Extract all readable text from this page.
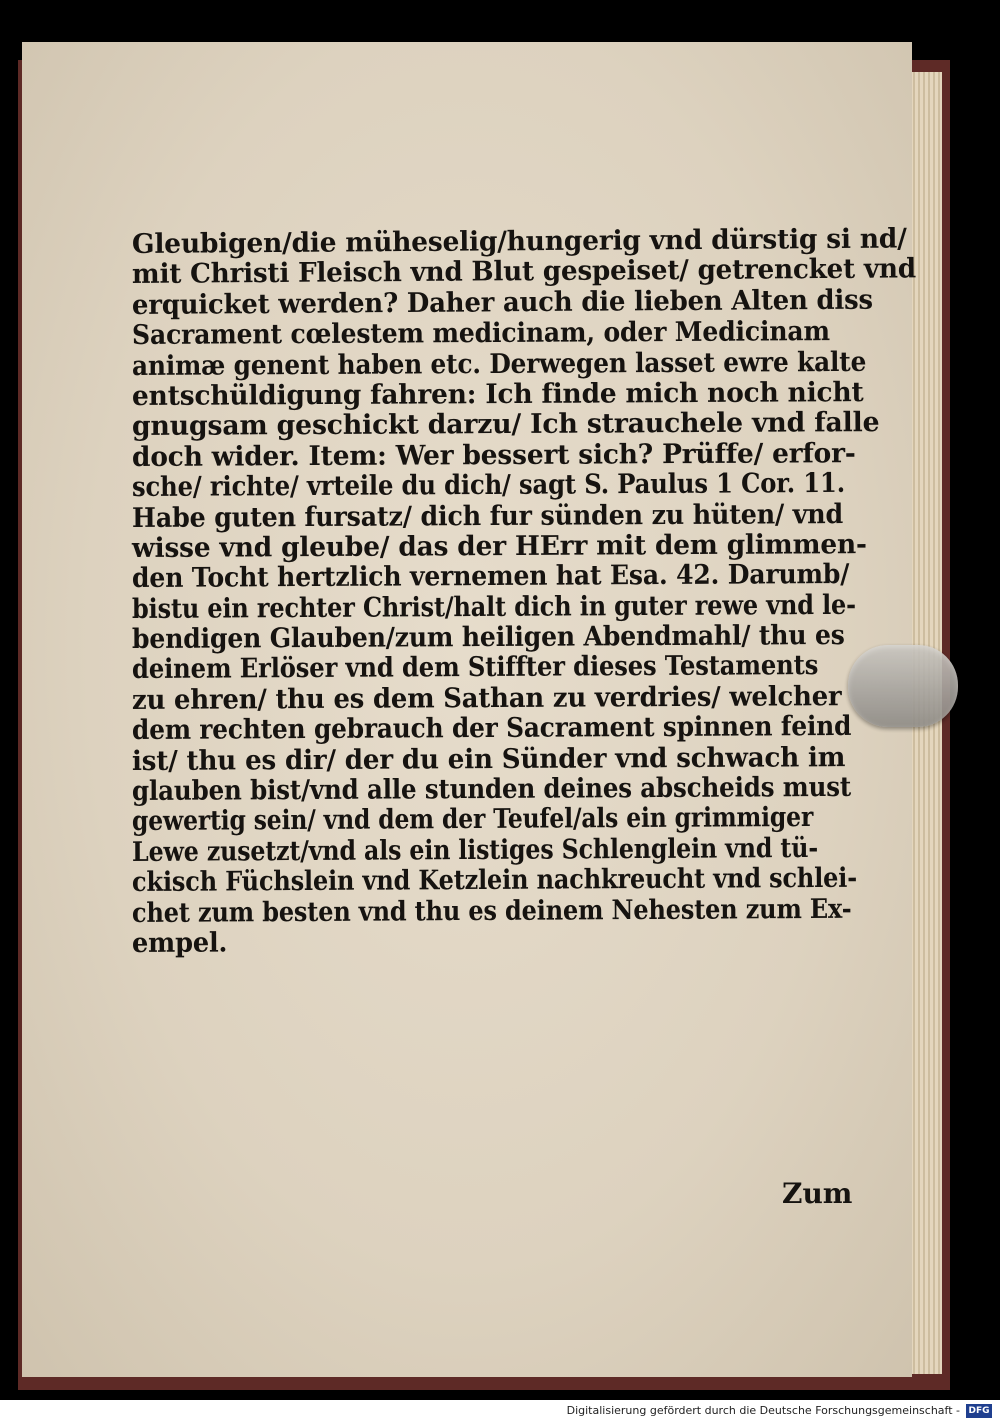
Gleubigen/die müheselig/hungerig vnd dürstig si nd/
mit Christi Fleisch vnd Blut gespeiset/ getrencket vnd
erquicket werden? Daher auch die lieben Alten diss
Sacrament cœlestem medicinam, oder Medicinam
animæ genent haben etc. Derwegen lasset ewre kalte
entschüldigung fahren: Ich finde mich noch nicht
gnugsam geschickt darzu/ Ich strauchele vnd falle
doch wider. Item: Wer bessert sich? Prüffe/ erfor-
sche/ richte/ vrteile du dich/ sagt S. Paulus 1 Cor. 11.
Habe guten fursatz/ dich fur sünden zu hüten/ vnd
wisse vnd gleube/ das der HErr mit dem glimmen-
den Tocht hertzlich vernemen hat Esa. 42. Darumb/
bistu ein rechter Christ/halt dich in guter rewe vnd le-
bendigen Glauben/zum heiligen Abendmahl/ thu es
deinem Erlöser vnd dem Stiffter dieses Testaments
zu ehren/ thu es dem Sathan zu verdries/ welcher
dem rechten gebrauch der Sacrament spinnen feind
ist/ thu es dir/ der du ein Sünder vnd schwach im
glauben bist/vnd alle stunden deines abscheids must
gewertig sein/ vnd dem der Teufel/als ein grimmiger
Lewe zusetzt/vnd als ein listiges Schlenglein vnd tü-
ckisch Füchslein vnd Ketzlein nachkreucht vnd schlei-
chet zum besten vnd thu es deinem Nehesten zum Ex-
empel.

Zum
Digitalisierung gefördert durch die Deutsche Forschungsgemeinschaft - DFG
